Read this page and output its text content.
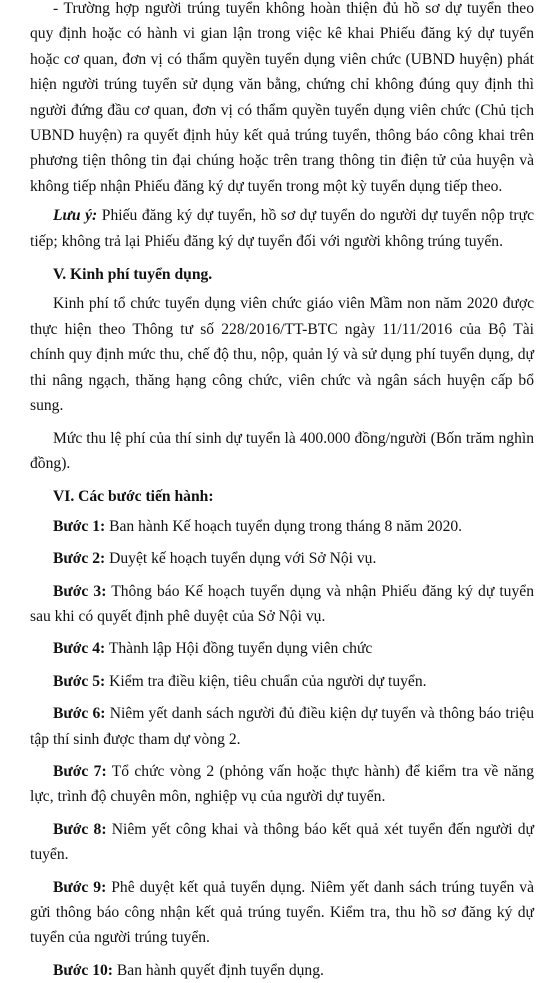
- Trường hợp người trúng tuyển không hoàn thiện đủ hồ sơ dự tuyển theo quy định hoặc có hành vi gian lận trong việc kê khai Phiếu đăng ký dự tuyển hoặc cơ quan, đơn vị có thẩm quyền tuyển dụng viên chức (UBND huyện) phát hiện người trúng tuyển sử dụng văn bằng, chứng chỉ không đúng quy định thì người đứng đầu cơ quan, đơn vị có thẩm quyền tuyển dụng viên chức (Chủ tịch UBND huyện) ra quyết định hủy kết quả trúng tuyển, thông báo công khai trên phương tiện thông tin đại chúng hoặc trên trang thông tin điện tử của huyện và không tiếp nhận Phiếu đăng ký dự tuyển trong một kỳ tuyển dụng tiếp theo.

Lưu ý: Phiếu đăng ký dự tuyển, hồ sơ dự tuyển do người dự tuyển nộp trực tiếp; không trả lại Phiếu đăng ký dự tuyển đối với người không trúng tuyển.

V. Kinh phí tuyển dụng.

Kinh phí tổ chức tuyển dụng viên chức giáo viên Mầm non năm 2020 được thực hiện theo Thông tư số 228/2016/TT-BTC ngày 11/11/2016 của Bộ Tài chính quy định mức thu, chế độ thu, nộp, quản lý và sử dụng phí tuyển dụng, dự thi nâng ngạch, thăng hạng công chức, viên chức và ngân sách huyện cấp bổ sung.

Mức thu lệ phí của thí sinh dự tuyển là 400.000 đồng/người (Bốn trăm nghìn đồng).

VI. Các bước tiến hành:

Bước 1: Ban hành Kế hoạch tuyển dụng trong tháng 8 năm 2020.

Bước 2: Duyệt kế hoạch tuyển dụng với Sở Nội vụ.

Bước 3: Thông báo Kế hoạch tuyển dụng và nhận Phiếu đăng ký dự tuyển sau khi có quyết định phê duyệt của Sở Nội vụ.

Bước 4: Thành lập Hội đồng tuyển dụng viên chức

Bước 5: Kiểm tra điều kiện, tiêu chuẩn của người dự tuyển.

Bước 6: Niêm yết danh sách người đủ điều kiện dự tuyển và thông báo triệu tập thí sinh được tham dự vòng 2.

Bước 7: Tổ chức vòng 2 (phỏng vấn hoặc thực hành) để kiểm tra về năng lực, trình độ chuyên môn, nghiệp vụ của người dự tuyển.

Bước 8: Niêm yết công khai và thông báo kết quả xét tuyển đến người dự tuyển.

Bước 9: Phê duyệt kết quả tuyển dụng. Niêm yết danh sách trúng tuyển và gửi thông báo công nhận kết quả trúng tuyển. Kiểm tra, thu hồ sơ đăng ký dự tuyển của người trúng tuyển.

Bước 10: Ban hành quyết định tuyển dụng.
